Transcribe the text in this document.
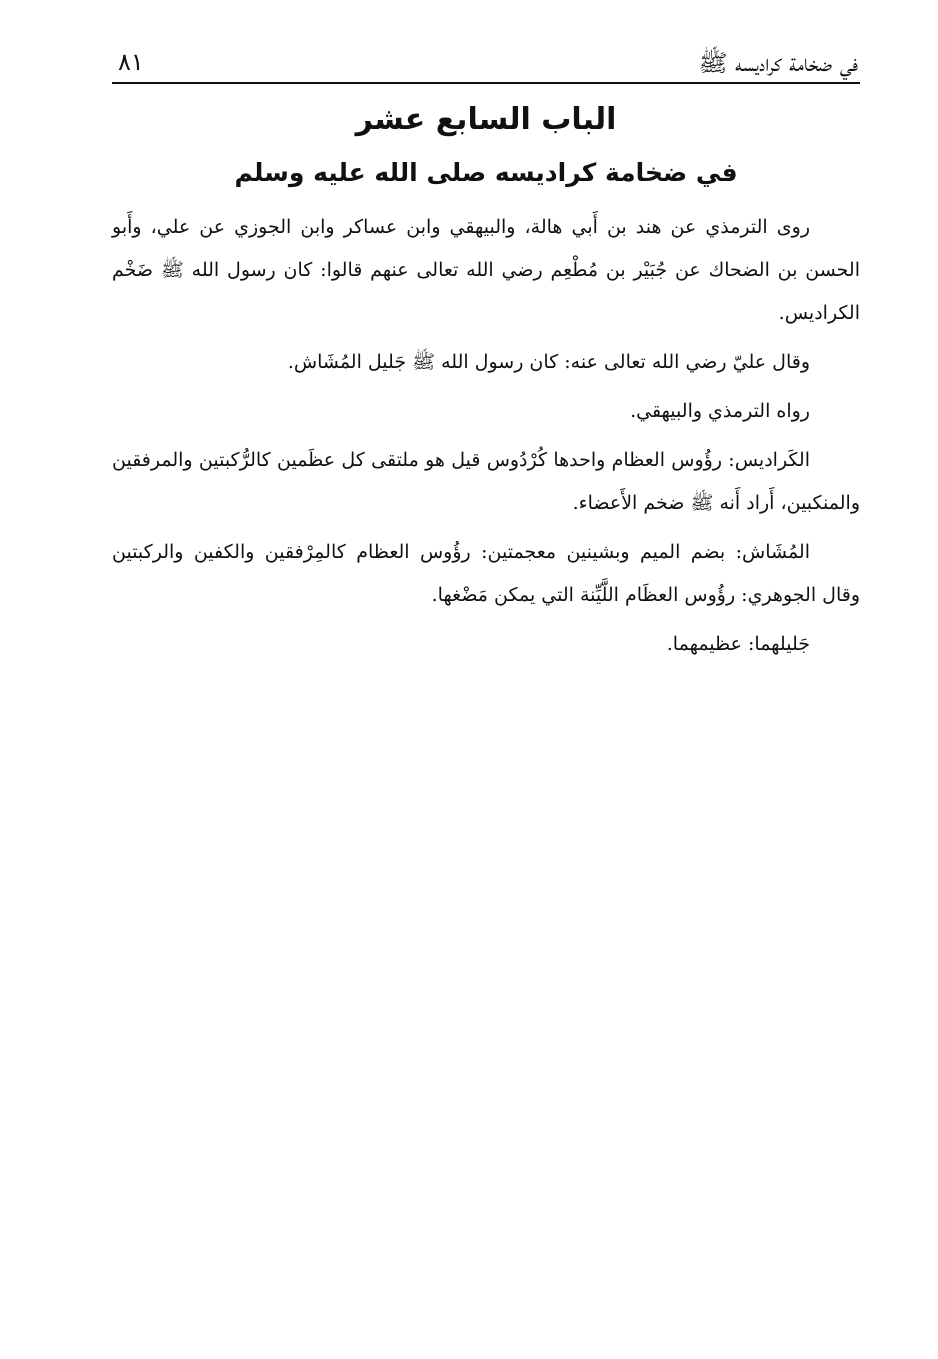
في ضخامة كراديسه ﷺ
٨١
الباب السابع عشر
في ضخامة كراديسه صلى الله عليه وسلم

روى الترمذي عن هند بن أَبي هالة، والبيهقي وابن عساكر وابن الجوزي عن علي، وأَبو الحسن بن الضحاك عن جُبَيْر بن مُطْعِم رضي الله تعالى عنهم قالوا: كان رسول الله ﷺ ضَخْم الكراديس.

وقال عليّ رضي الله تعالى عنه: كان رسول الله ﷺ جَليل المُشَاش.

رواه الترمذي والبيهقي.

الكَراديس: رؤُوس العظام واحدها كُرْدُوس قيل هو ملتقى كل عظَمين كالرُّكبتين والمرفقين والمنكبين، أَراد أَنه ﷺ ضخم الأَعضاء.

المُشَاش: بضم الميم وبشينين معجمتين: رؤُوس العظام كالمِرْفقين والكفين والركبتين وقال الجوهري: رؤُوس العظَام اللَّيِّنة التي يمكن مَضْغها.

جَليلهما: عظيمهما.
